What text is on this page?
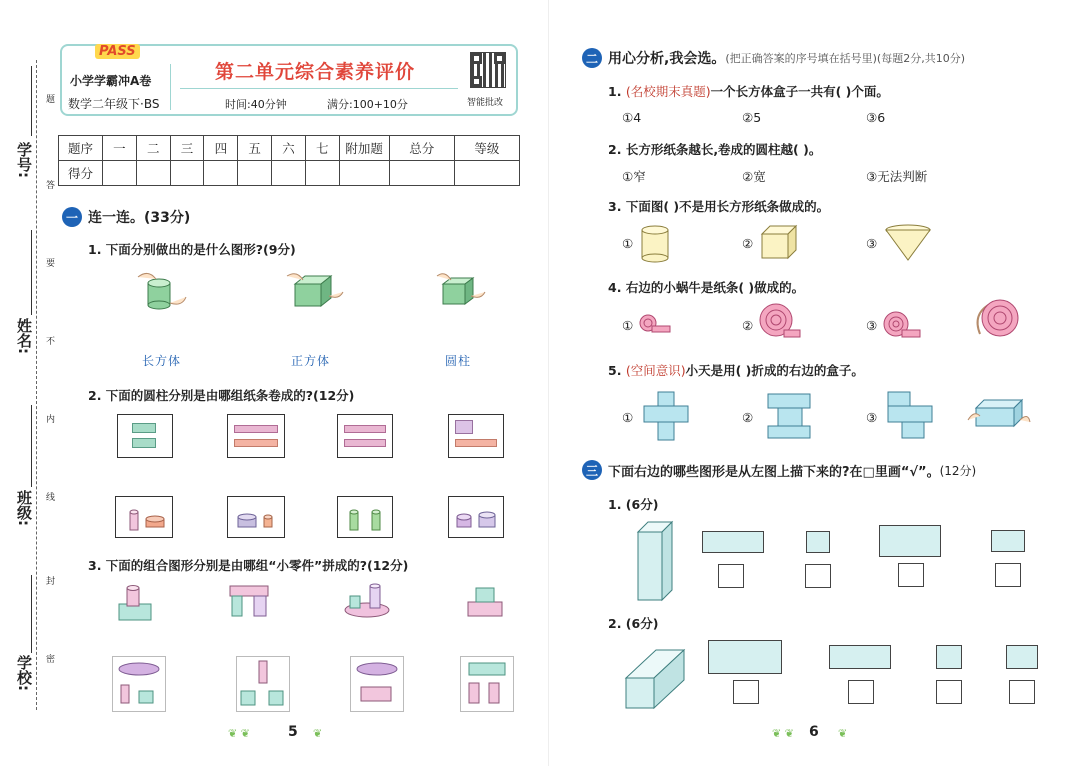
学号:
姓名:
班级:
学校:
题
答
要
不
内
线
封
密
PASS
小学学霸冲A卷
数学二年级下·BS
第二单元综合素养评价
时间:40分钟	满分:100+10分	智能批改
题序	一	二	三	四	五	六	七	附加题	总分	等级
得分										
一 连一连。(33分)
1. 下面分别做出的是什么图形?(9分)
长方体	正方体	圆柱
2. 下面的圆柱分别是由哪组纸条卷成的?(12分)
3. 下面的组合图形分别是由哪组“小零件”拼成的?(12分)
5
❦ ❦	❦
二 用心分析,我会选。 (把正确答案的序号填在括号里)(每题2分,共10分)
1. (名校期末真题)一个长方体盒子一共有( )个面。
①4	②5	③6
2. 长方形纸条越长,卷成的圆柱越( )。
①窄	②宽	③无法判断
3. 下面图( )不是用长方形纸条做成的。
①	②	③
4. 右边的小蜗牛是纸条( )做成的。
①	②	③
5. (空间意识)小天是用( )折成的右边的盒子。
①	②	③
三 下面右边的哪些图形是从左图上描下来的?在□里画“√”。 (12分)
1. (6分)
2. (6分)
6
❦ ❦	❦
